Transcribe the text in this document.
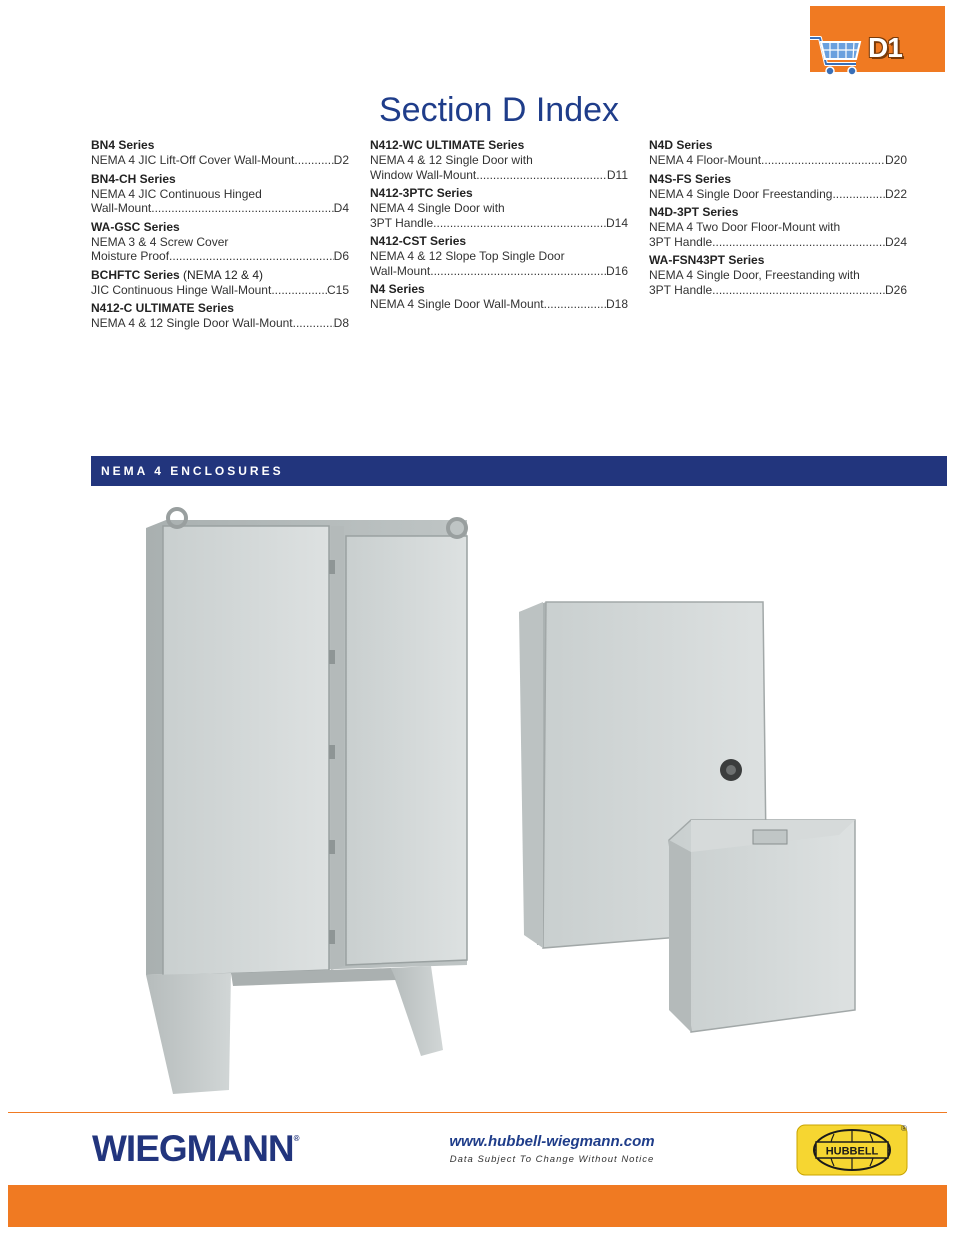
D1
Section D Index
BN4 Series
NEMA 4 JIC Lift-Off Cover Wall-Mount .....	D2
BN4-CH Series
NEMA 4 JIC Continuous Hinged
Wall-Mount .....	D4
WA-GSC Series
NEMA 3 & 4 Screw Cover
Moisture Proof .....	D6
BCHFTC Series (NEMA 12 & 4)
JIC Continuous Hinge Wall-Mount .....	C15
N412-C ULTIMATE Series
NEMA 4 & 12 Single Door Wall-Mount .....	D8
N412-WC ULTIMATE Series
NEMA 4 & 12 Single Door with
Window Wall-Mount .....	D11
N412-3PTC Series
NEMA 4 Single Door with
3PT Handle .....	D14
N412-CST Series
NEMA 4 & 12 Slope Top Single Door
Wall-Mount .....	D16
N4 Series
NEMA 4 Single Door Wall-Mount .....	D18
N4D Series
NEMA 4 Floor-Mount .....	D20
N4S-FS Series
NEMA 4 Single Door Freestanding .....	D22
N4D-3PT Series
NEMA 4 Two Door Floor-Mount with
3PT Handle .....	D24
WA-FSN43PT Series
NEMA 4 Single Door, Freestanding with
3PT Handle .....	D26
NEMA 4 ENCLOSURES
WIEGMANN®	www.hubbell-wiegmann.com
Data Subject To Change Without Notice
HUBBELL
®
